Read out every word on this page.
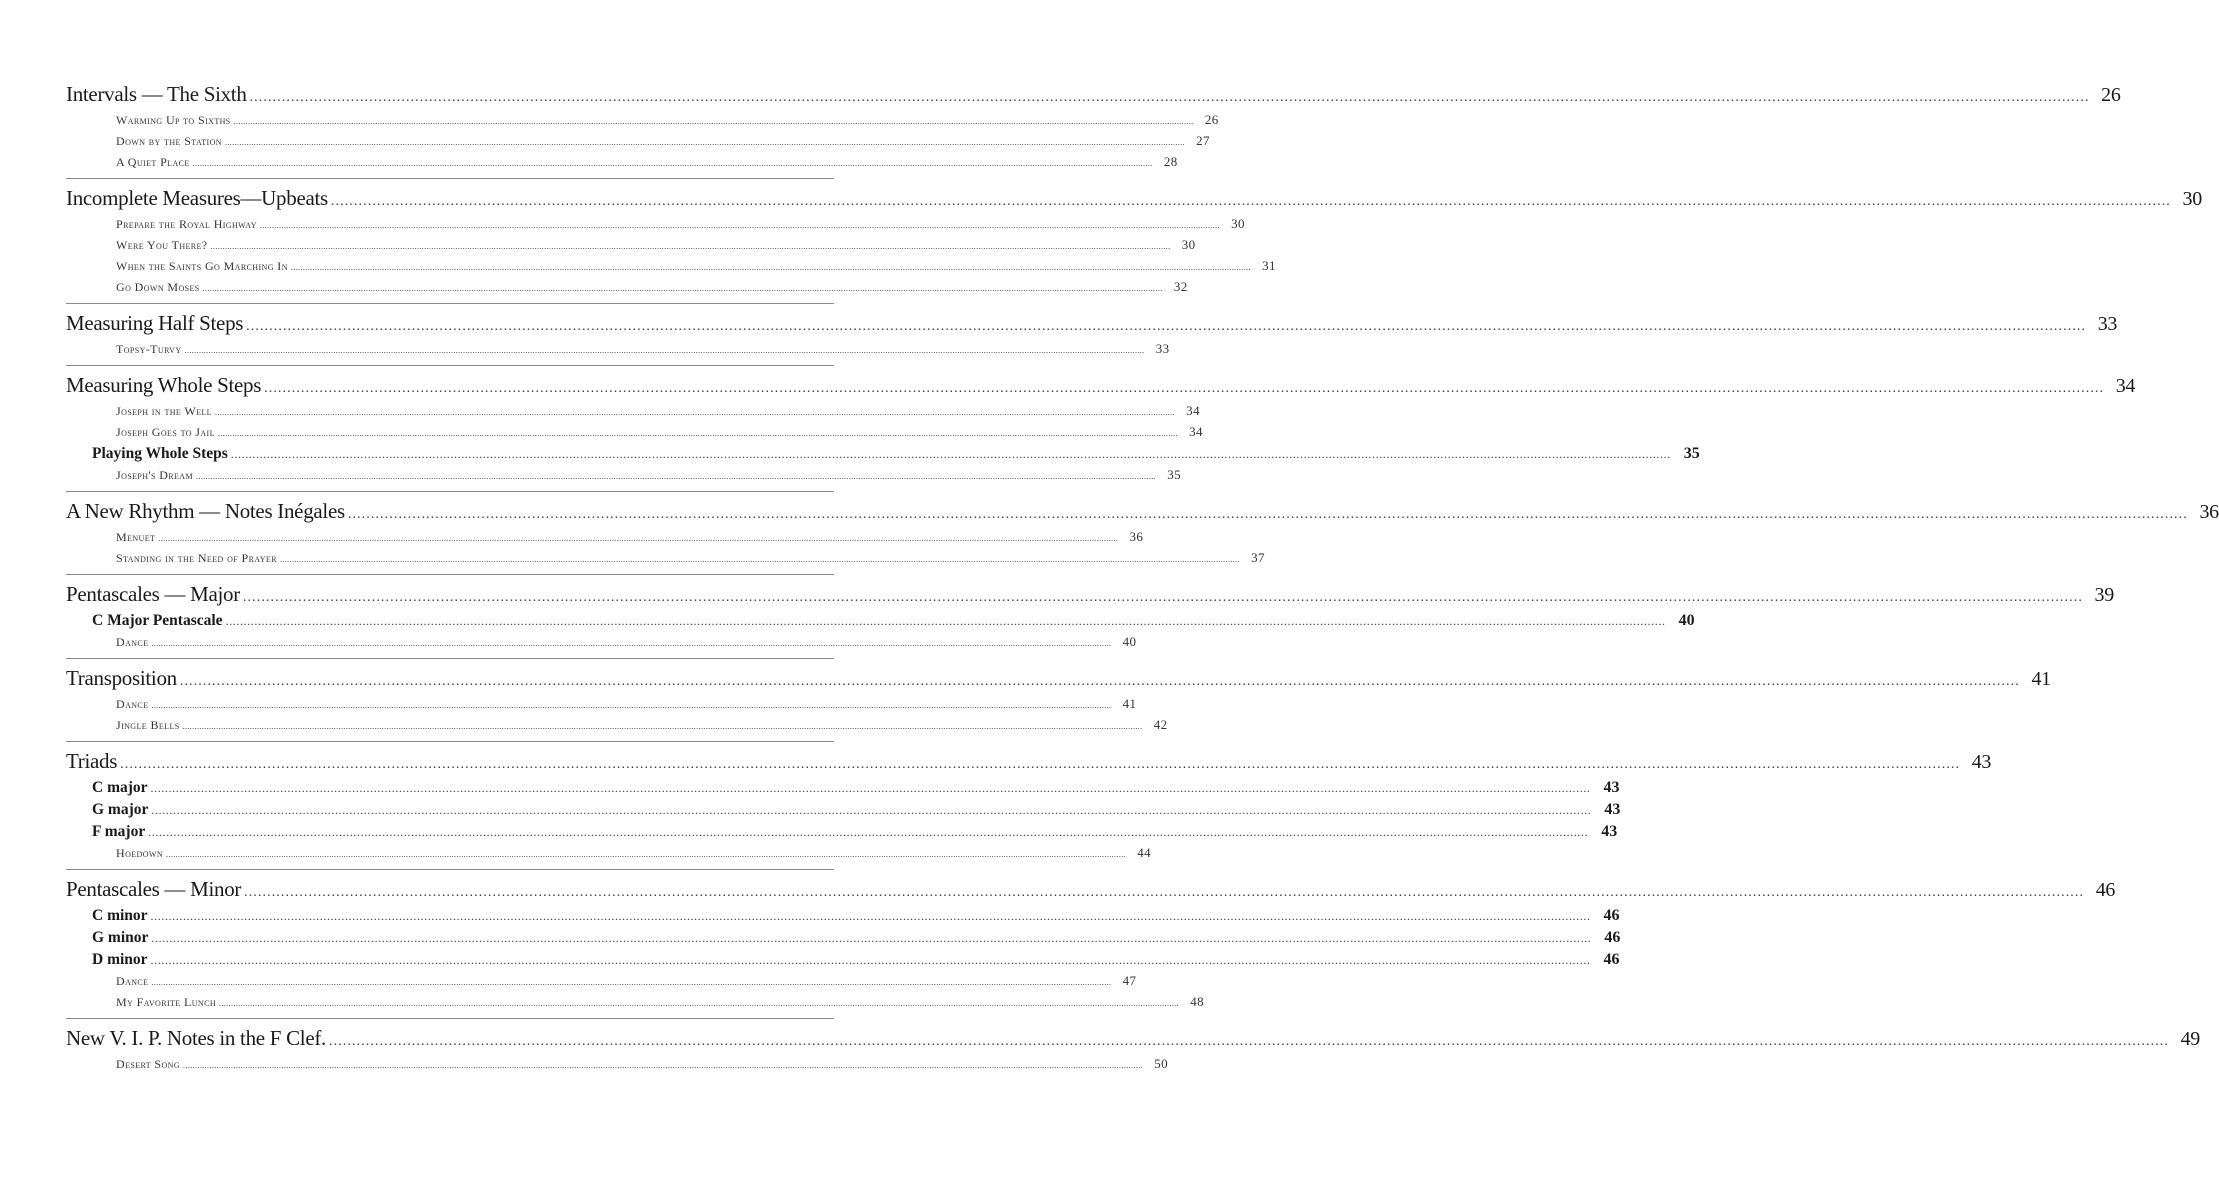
Intervals — The Sixth ................................................................................................................................................................................................................................................................................................................................................................................................................ 26
Warming Up to Sixths ................................................................................................................................................................................................................................................................................................................................................................................................................ 26
Down by the Station ................................................................................................................................................................................................................................................................................................................................................................................................................ 27
A Quiet Place ................................................................................................................................................................................................................................................................................................................................................................................................................ 28
Incomplete Measures—Upbeats ................................................................................................................................................................................................................................................................................................................................................................................................................ 30
Prepare the Royal Highway ................................................................................................................................................................................................................................................................................................................................................................................................................ 30
Were You There? ................................................................................................................................................................................................................................................................................................................................................................................................................ 30
When the Saints Go Marching In ................................................................................................................................................................................................................................................................................................................................................................................................................ 31
Go Down Moses ................................................................................................................................................................................................................................................................................................................................................................................................................ 32
Measuring Half Steps ................................................................................................................................................................................................................................................................................................................................................................................................................ 33
Topsy-Turvy ................................................................................................................................................................................................................................................................................................................................................................................................................ 33
Measuring Whole Steps ................................................................................................................................................................................................................................................................................................................................................................................................................ 34
Joseph in the Well ................................................................................................................................................................................................................................................................................................................................................................................................................ 34
Joseph Goes to Jail ................................................................................................................................................................................................................................................................................................................................................................................................................ 34
Playing Whole Steps ................................................................................................................................................................................................................................................................................................................................................................................................................ 35
Joseph's Dream ................................................................................................................................................................................................................................................................................................................................................................................................................ 35
A New Rhythm — Notes Inégales ................................................................................................................................................................................................................................................................................................................................................................................................................ 36
Menuet ................................................................................................................................................................................................................................................................................................................................................................................................................ 36
Standing in the Need of Prayer ................................................................................................................................................................................................................................................................................................................................................................................................................ 37
Pentascales — Major ................................................................................................................................................................................................................................................................................................................................................................................................................ 39
C Major Pentascale ................................................................................................................................................................................................................................................................................................................................................................................................................ 40
Dance ................................................................................................................................................................................................................................................................................................................................................................................................................ 40
Transposition ................................................................................................................................................................................................................................................................................................................................................................................................................ 41
Dance ................................................................................................................................................................................................................................................................................................................................................................................................................ 41
Jingle Bells ................................................................................................................................................................................................................................................................................................................................................................................................................ 42
Triads ................................................................................................................................................................................................................................................................................................................................................................................................................ 43
C major ................................................................................................................................................................................................................................................................................................................................................................................................................ 43
G major ................................................................................................................................................................................................................................................................................................................................................................................................................ 43
F major ................................................................................................................................................................................................................................................................................................................................................................................................................ 43
Hoedown ................................................................................................................................................................................................................................................................................................................................................................................................................ 44
Pentascales — Minor ................................................................................................................................................................................................................................................................................................................................................................................................................ 46
C minor ................................................................................................................................................................................................................................................................................................................................................................................................................ 46
G minor ................................................................................................................................................................................................................................................................................................................................................................................................................ 46
D minor ................................................................................................................................................................................................................................................................................................................................................................................................................ 46
Dance ................................................................................................................................................................................................................................................................................................................................................................................................................ 47
My Favorite Lunch ................................................................................................................................................................................................................................................................................................................................................................................................................ 48
New V. I. P. Notes in the F Clef. ................................................................................................................................................................................................................................................................................................................................................................................................................ 49
Desert Song ................................................................................................................................................................................................................................................................................................................................................................................................................ 50
